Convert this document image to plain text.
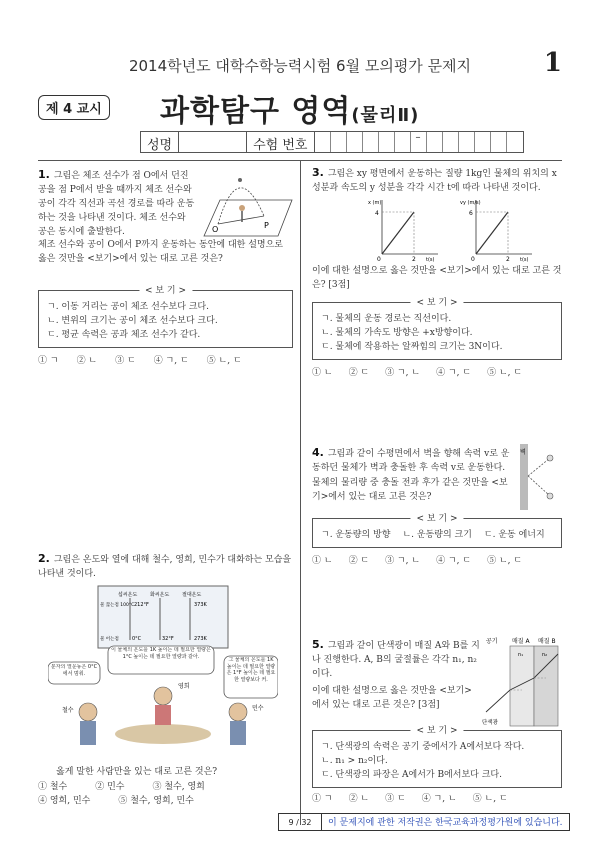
2014학년도 대학수학능력시험 6월 모의평가 문제지	1
제 4 교시 과학탐구 영역(물리Ⅱ)
성명	수험 번호
–
1. 그림은 체조 선수가 점 O에서 던진 공을 점 P에서 받을 때까지 체조 선수와 공이 각각 직선과 곡선 경로를 따라 운동하는 것을 나타낸 것이다. 체조 선수와 공은 동시에 출발한다.	O	P
체조 선수와 공이 O에서 P까지 운동하는 동안에 대한 설명으로 옳은 것만을 <보기>에서 있는 대로 고른 것은?
< 보 기 >
ㄱ. 이동 거리는 공이 체조 선수보다 크다.
ㄴ. 변위의 크기는 공이 체조 선수보다 크다.
ㄷ. 평균 속력은 공과 체조 선수가 같다.
① ㄱ ② ㄴ ③ ㄷ ④ ㄱ, ㄷ ⑤ ㄴ, ㄷ
2. 그림은 온도와 열에 대해 철수, 영희, 민수가 대화하는 모습을 나타낸 것이다.
섭씨온도	화씨온도	절대온도
물 끓는점 100°C 212°F	373K
물 어는점	0°C	32°F	273K
이 물체의 온도를 1K 높이는 데 필요한 열량은 1°C 높이는 데 필요한 열량과 같아.
그 물체의 온도를 1K 높이는 데 필요한 열량은 1°F 높이는 데 필요한 열량보다 커.
분자의 열운동은 0°C에서 멈춰.
철수
영희
민수
옳게 말한 사람만을 있는 대로 고른 것은?
① 철수	② 민수	③ 철수, 영희
④ 영희, 민수	⑤ 철수, 영희, 민수
3. 그림은 xy 평면에서 운동하는 질량 1kg인 물체의 위치의 x 성분과 속도의 y 성분을 각각 시간 t에 따라 나타낸 것이다.
x (m)
4
0	2 t(s)
vy (m/s)
6
0	2 t(s)
이에 대한 설명으로 옳은 것만을 <보기>에서 있는 대로 고른 것은? [3점]
< 보 기 >
ㄱ. 물체의 운동 경로는 직선이다.
ㄴ. 물체의 가속도 방향은 +x방향이다.
ㄷ. 물체에 작용하는 알짜힘의 크기는 3N이다.
① ㄴ ② ㄷ ③ ㄱ, ㄴ ④ ㄱ, ㄷ ⑤ ㄴ, ㄷ
4. 그림과 같이 수평면에서 벽을 향해 속력 v로 운동하던 물체가 벽과 충돌한 후 속력 v로 운동한다.
물체의 물리량 중 충돌 전과 후가 같은 것만을 <보기>에서 있는 대로 고른 것은?
벽
< 보 기 >
ㄱ. 운동량의 방향 ㄴ. 운동량의 크기 ㄷ. 운동 에너지
① ㄴ ② ㄷ ③ ㄱ, ㄴ ④ ㄱ, ㄷ ⑤ ㄴ, ㄷ
5. 그림과 같이 단색광이 매질 A와 B를 지나 진행한다. A, B의 굴절률은 각각 n₁, n₂이다.
이에 대한 설명으로 옳은 것만을 <보기>에서 있는 대로 고른 것은? [3점]
공기 매질 A 매질 B
n₁	n₂
단색광
< 보 기 >
ㄱ. 단색광의 속력은 공기 중에서가 A에서보다 작다.
ㄴ. n₁ > n₂이다.
ㄷ. 단색광의 파장은 A에서가 B에서보다 크다.
① ㄱ ② ㄴ ③ ㄷ ④ ㄱ, ㄴ ⑤ ㄴ, ㄷ
9 / 32	이 문제지에 관한 저작권은 한국교육과정평가원에 있습니다.
